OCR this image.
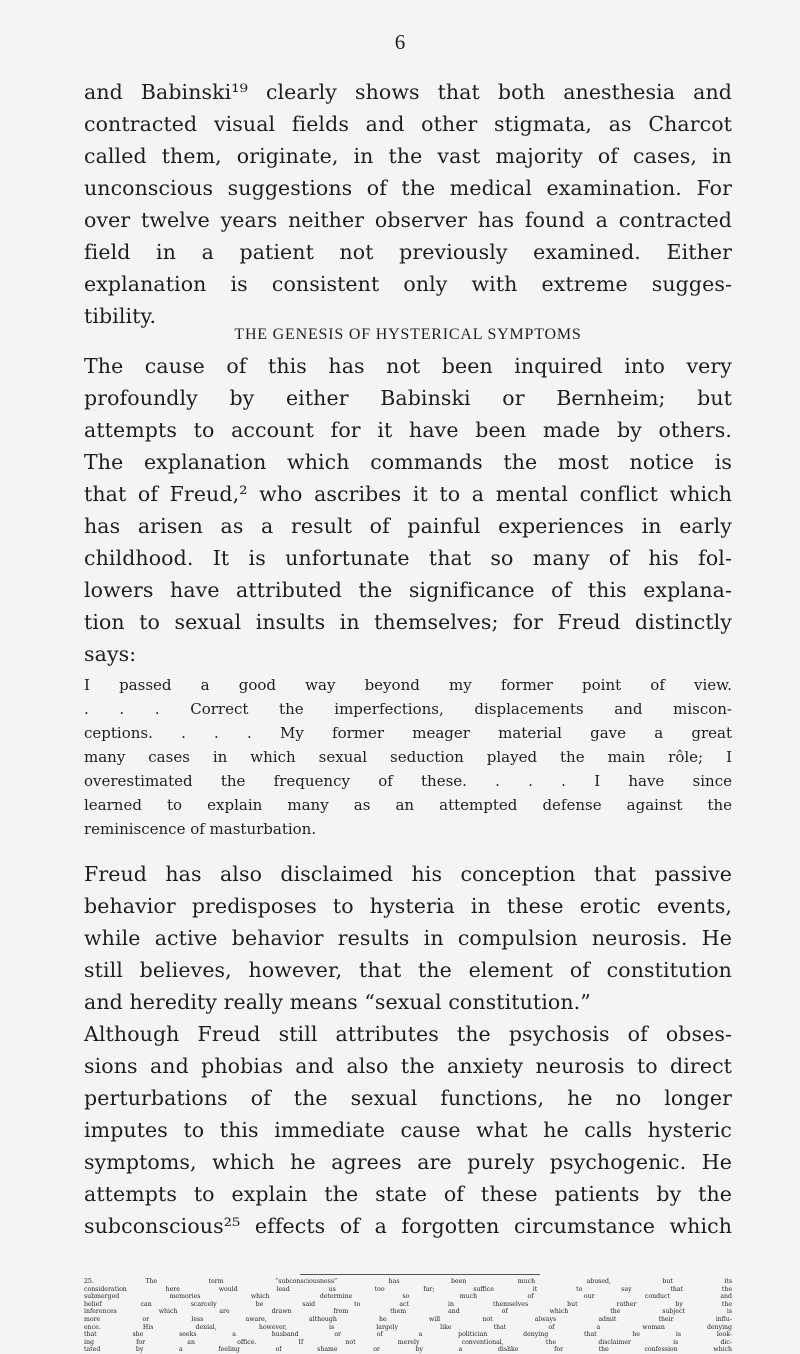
6
and Babinski¹⁹ clearly shows that both anesthesia and
contracted visual fields and other stigmata, as Charcot
called them, originate, in the vast majority of cases, in
unconscious suggestions of the medical examination. For
over twelve years neither observer has found a contracted
field in a patient not previously examined. Either
explanation is consistent only with extreme sugges-
tibility.
THE GENESIS OF HYSTERICAL SYMPTOMS
The cause of this has not been inquired into very
profoundly by either Babinski or Bernheim; but
attempts to account for it have been made by others.
The explanation which commands the most notice is
that of Freud,² who ascribes it to a mental conflict which
has arisen as a result of painful experiences in early
childhood. It is unfortunate that so many of his fol-
lowers have attributed the significance of this explana-
tion to sexual insults in themselves; for Freud distinctly
says:
I passed a good way beyond my former point of view.
. . . Correct the imperfections, displacements and miscon-
ceptions. . . . My former meager material gave a great
many cases in which sexual seduction played the main rôle; I
overestimated the frequency of these. . . . I have since
learned to explain many as an attempted defense against the
reminiscence of masturbation.
Freud has also disclaimed his conception that passive
behavior predisposes to hysteria in these erotic events,
while active behavior results in compulsion neurosis. He
still believes, however, that the element of constitution
and heredity really means “sexual constitution.”
Although Freud still attributes the psychosis of obses-
sions and phobias and also the anxiety neurosis to direct
perturbations of the sexual functions, he no longer
imputes to this immediate cause what he calls hysteric
symptoms, which he agrees are purely psychogenic. He
attempts to explain the state of these patients by the
subconscious²⁵ effects of a forgotten circumstance which
25. The term “subconsciousness” has been much abused, but its
consideration here would lead us too far; suffice it to say that the
submerged memories which determine so much of our conduct and
belief can scarcely be said to act in themselves but rather by the
inferences which are drawn from them and of which the subject is
more or less aware, although he will not always admit their influ-
ence. His denial, however, is largely like that of a woman denying
that she seeks a husband or of a politician denying that he is look-
ing for an office. If not merely conventional, the disclaimer is dic-
tated by a feeling of shame or by a dislike for the confession which
